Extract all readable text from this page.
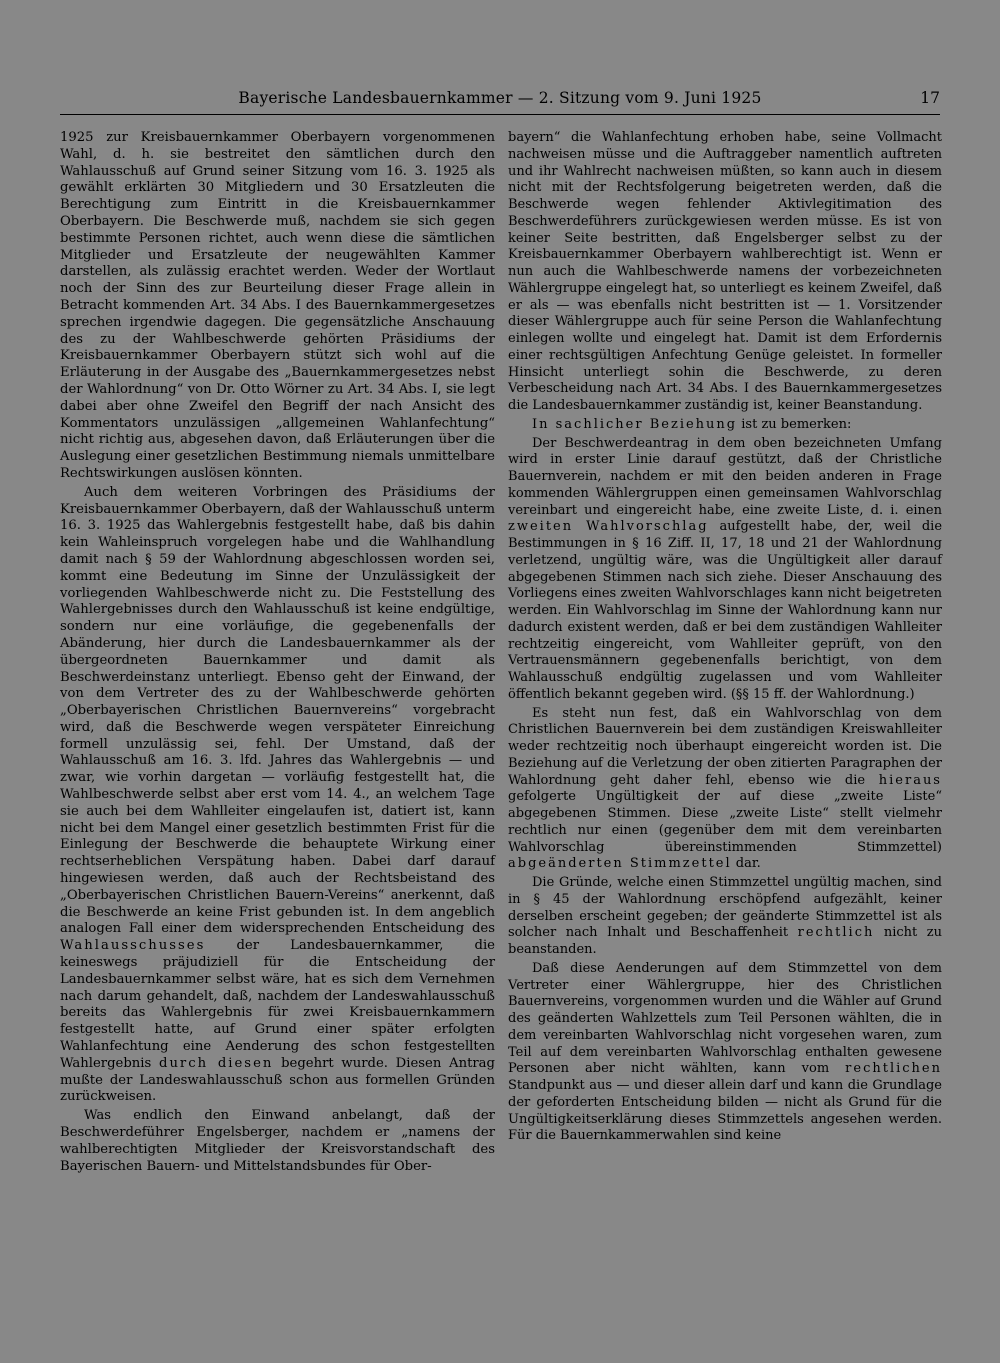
Bayerische Landesbauernkammer — 2. Sitzung vom 9. Juni 1925	17

1925 zur Kreisbauernkammer Oberbayern vorgenommenen Wahl, d. h. sie bestreitet den sämtlichen durch den Wahlausschuß auf Grund seiner Sitzung vom 16. 3. 1925 als gewählt erklärten 30 Mitgliedern und 30 Ersatzleuten die Berechtigung zum Eintritt in die Kreisbauernkammer Oberbayern. Die Beschwerde muß, nachdem sie sich gegen bestimmte Personen richtet, auch wenn diese die sämtlichen Mitglieder und Ersatzleute der neugewählten Kammer darstellen, als zulässig erachtet werden. Weder der Wortlaut noch der Sinn des zur Beurteilung dieser Frage allein in Betracht kommenden Art. 34 Abs. I des Bauernkammergesetzes sprechen irgendwie dagegen. Die gegensätzliche Anschauung des zu der Wahlbeschwerde gehörten Präsidiums der Kreisbauernkammer Oberbayern stützt sich wohl auf die Erläuterung in der Ausgabe des „Bauernkammergesetzes nebst der Wahlordnung“ von Dr. Otto Wörner zu Art. 34 Abs. I, sie legt dabei aber ohne Zweifel den Begriff der nach Ansicht des Kommentators unzulässigen „allgemeinen Wahlanfechtung“ nicht richtig aus, abgesehen davon, daß Erläuterungen über die Auslegung einer gesetzlichen Bestimmung niemals unmittelbare Rechtswirkungen auslösen könnten.

Auch dem weiteren Vorbringen des Präsidiums der Kreisbauernkammer Oberbayern, daß der Wahlausschuß unterm 16. 3. 1925 das Wahlergebnis festgestellt habe, daß bis dahin kein Wahleinspruch vorgelegen habe und die Wahlhandlung damit nach § 59 der Wahlordnung abgeschlossen worden sei, kommt eine Bedeutung im Sinne der Unzulässigkeit der vorliegenden Wahlbeschwerde nicht zu. Die Feststellung des Wahlergebnisses durch den Wahlausschuß ist keine endgültige, sondern nur eine vorläufige, die gegebenenfalls der Abänderung, hier durch die Landesbauernkammer als der übergeordneten Bauernkammer und damit als Beschwerdeinstanz unterliegt. Ebenso geht der Einwand, der von dem Vertreter des zu der Wahlbeschwerde gehörten „Oberbayerischen Christlichen Bauernvereins“ vorgebracht wird, daß die Beschwerde wegen verspäteter Einreichung formell unzulässig sei, fehl. Der Umstand, daß der Wahlausschuß am 16. 3. lfd. Jahres das Wahlergebnis — und zwar, wie vorhin dargetan — vorläufig festgestellt hat, die Wahlbeschwerde selbst aber erst vom 14. 4., an welchem Tage sie auch bei dem Wahlleiter eingelaufen ist, datiert ist, kann nicht bei dem Mangel einer gesetzlich bestimmten Frist für die Einlegung der Beschwerde die behauptete Wirkung einer rechtserheblichen Verspätung haben. Dabei darf darauf hingewiesen werden, daß auch der Rechtsbeistand des „Oberbayerischen Christlichen Bauern-Vereins“ anerkennt, daß die Beschwerde an keine Frist gebunden ist. In dem angeblich analogen Fall einer dem widersprechenden Entscheidung des Wahlausschusses der Landesbauernkammer, die keineswegs präjudiziell für die Entscheidung der Landesbauernkammer selbst wäre, hat es sich dem Vernehmen nach darum gehandelt, daß, nachdem der Landeswahlausschuß bereits das Wahlergebnis für zwei Kreisbauernkammern festgestellt hatte, auf Grund einer später erfolgten Wahlanfechtung eine Aenderung des schon festgestellten Wahlergebnis durch diesen begehrt wurde. Diesen Antrag mußte der Landeswahlausschuß schon aus formellen Gründen zurückweisen.

Was endlich den Einwand anbelangt, daß der Beschwerdeführer Engelsberger, nachdem er „namens der wahlberechtigten Mitglieder der Kreisvorstandschaft des Bayerischen Bauern- und Mittelstandsbundes für Ober-

bayern“ die Wahlanfechtung erhoben habe, seine Vollmacht nachweisen müsse und die Auftraggeber namentlich auftreten und ihr Wahlrecht nachweisen müßten, so kann auch in diesem nicht mit der Rechtsfolgerung beigetreten werden, daß die Beschwerde wegen fehlender Aktivlegitimation des Beschwerdeführers zurückgewiesen werden müsse. Es ist von keiner Seite bestritten, daß Engelsberger selbst zu der Kreisbauernkammer Oberbayern wahlberechtigt ist. Wenn er nun auch die Wahlbeschwerde namens der vorbezeichneten Wählergruppe eingelegt hat, so unterliegt es keinem Zweifel, daß er als — was ebenfalls nicht bestritten ist — 1. Vorsitzender dieser Wählergruppe auch für seine Person die Wahlanfechtung einlegen wollte und eingelegt hat. Damit ist dem Erfordernis einer rechtsgültigen Anfechtung Genüge geleistet. In formeller Hinsicht unterliegt sohin die Beschwerde, zu deren Verbescheidung nach Art. 34 Abs. I des Bauernkammergesetzes die Landesbauernkammer zuständig ist, keiner Beanstandung.

In sachlicher Beziehung ist zu bemerken:

Der Beschwerdeantrag in dem oben bezeichneten Umfang wird in erster Linie darauf gestützt, daß der Christliche Bauernverein, nachdem er mit den beiden anderen in Frage kommenden Wählergruppen einen gemeinsamen Wahlvorschlag vereinbart und eingereicht habe, eine zweite Liste, d. i. einen zweiten Wahlvorschlag aufgestellt habe, der, weil die Bestimmungen in § 16 Ziff. II, 17, 18 und 21 der Wahlordnung verletzend, ungültig wäre, was die Ungültigkeit aller darauf abgegebenen Stimmen nach sich ziehe. Dieser Anschauung des Vorliegens eines zweiten Wahlvorschlages kann nicht beigetreten werden. Ein Wahlvorschlag im Sinne der Wahlordnung kann nur dadurch existent werden, daß er bei dem zuständigen Wahlleiter rechtzeitig eingereicht, vom Wahlleiter geprüft, von den Vertrauensmännern gegebenenfalls berichtigt, von dem Wahlausschuß endgültig zugelassen und vom Wahlleiter öffentlich bekannt gegeben wird. (§§ 15 ff. der Wahlordnung.)

Es steht nun fest, daß ein Wahlvorschlag von dem Christlichen Bauernverein bei dem zuständigen Kreiswahlleiter weder rechtzeitig noch überhaupt eingereicht worden ist. Die Beziehung auf die Verletzung der oben zitierten Paragraphen der Wahlordnung geht daher fehl, ebenso wie die hieraus gefolgerte Ungültigkeit der auf diese „zweite Liste“ abgegebenen Stimmen. Diese „zweite Liste“ stellt vielmehr rechtlich nur einen (gegenüber dem mit dem vereinbarten Wahlvorschlag übereinstimmenden Stimmzettel) abgeänderten Stimmzettel dar.

Die Gründe, welche einen Stimmzettel ungültig machen, sind in § 45 der Wahlordnung erschöpfend aufgezählt, keiner derselben erscheint gegeben; der geänderte Stimmzettel ist als solcher nach Inhalt und Beschaffenheit rechtlich nicht zu beanstanden.

Daß diese Aenderungen auf dem Stimmzettel von dem Vertreter einer Wählergruppe, hier des Christlichen Bauernvereins, vorgenommen wurden und die Wähler auf Grund des geänderten Wahlzettels zum Teil Personen wählten, die in dem vereinbarten Wahlvorschlag nicht vorgesehen waren, zum Teil auf dem vereinbarten Wahlvorschlag enthalten gewesene Personen aber nicht wählten, kann vom rechtlichen Standpunkt aus — und dieser allein darf und kann die Grundlage der geforderten Entscheidung bilden — nicht als Grund für die Ungültigkeitserklärung dieses Stimmzettels angesehen werden. Für die Bauernkammerwahlen sind keine
